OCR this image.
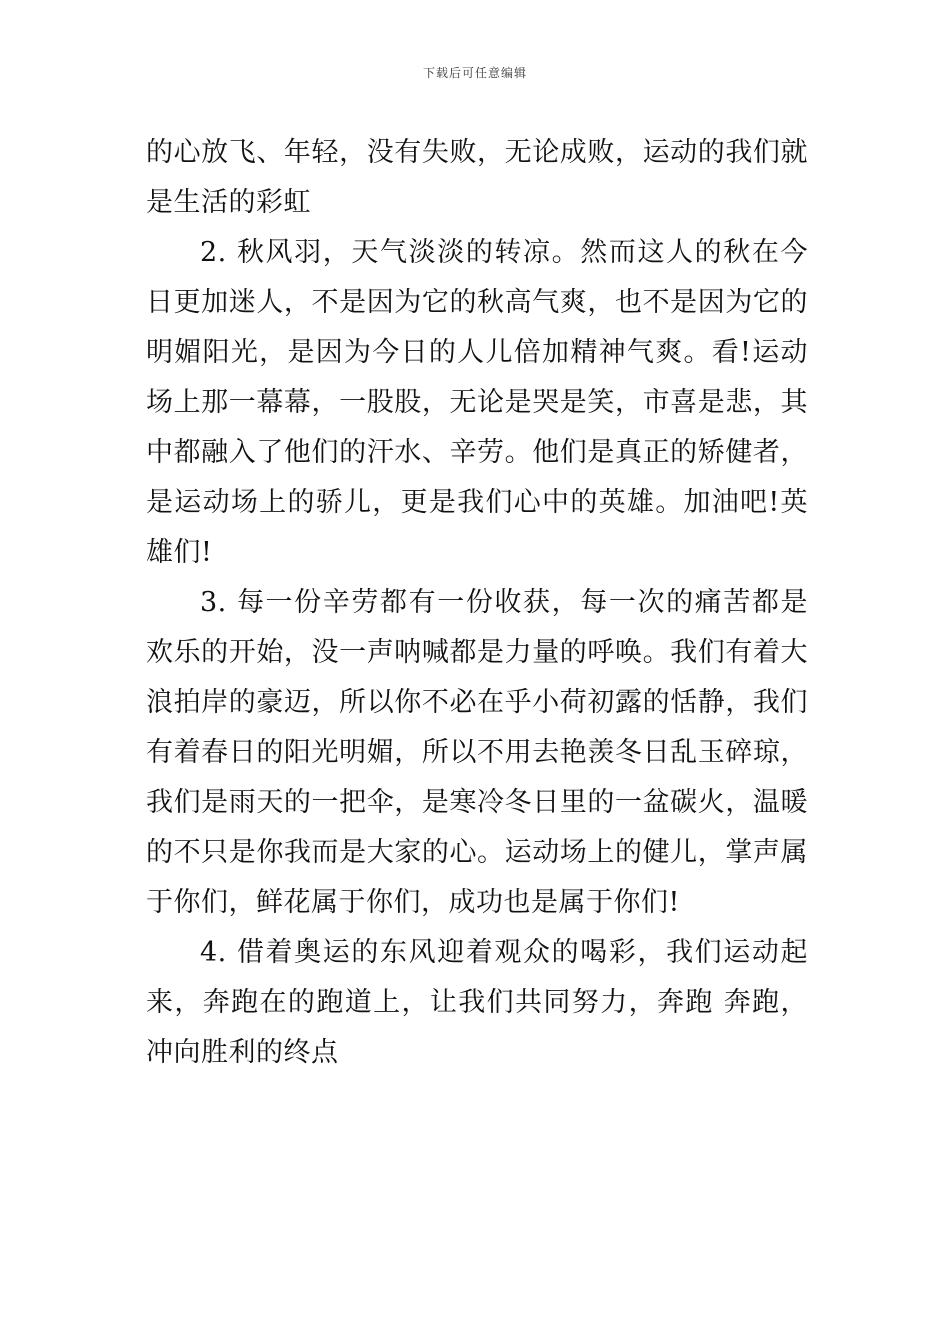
下载后可任意编辑

的心放飞、年轻，没有失败，无论成败，运动的我们就是生活的彩虹

2. 秋风羽，天气淡淡的转凉。然而这人的秋在今日更加迷人，不是因为它的秋高气爽，也不是因为它的明媚阳光，是因为今日的人儿倍加精神气爽。看!运动场上那一幕幕，一股股，无论是哭是笑，市喜是悲，其中都融入了他们的汗水、辛劳。他们是真正的矫健者，是运动场上的骄儿，更是我们心中的英雄。加油吧!英雄们!

3. 每一份辛劳都有一份收获，每一次的痛苦都是欢乐的开始，没一声呐喊都是力量的呼唤。我们有着大浪拍岸的豪迈，所以你不必在乎小荷初露的恬静，我们有着春日的阳光明媚，所以不用去艳羡冬日乱玉碎琼，我们是雨天的一把伞，是寒冷冬日里的一盆碳火，温暖的不只是你我而是大家的心。运动场上的健儿，掌声属于你们，鲜花属于你们，成功也是属于你们!

4. 借着奥运的东风迎着观众的喝彩，我们运动起来，奔跑在的跑道上，让我们共同努力，奔跑 奔跑，冲向胜利的终点
